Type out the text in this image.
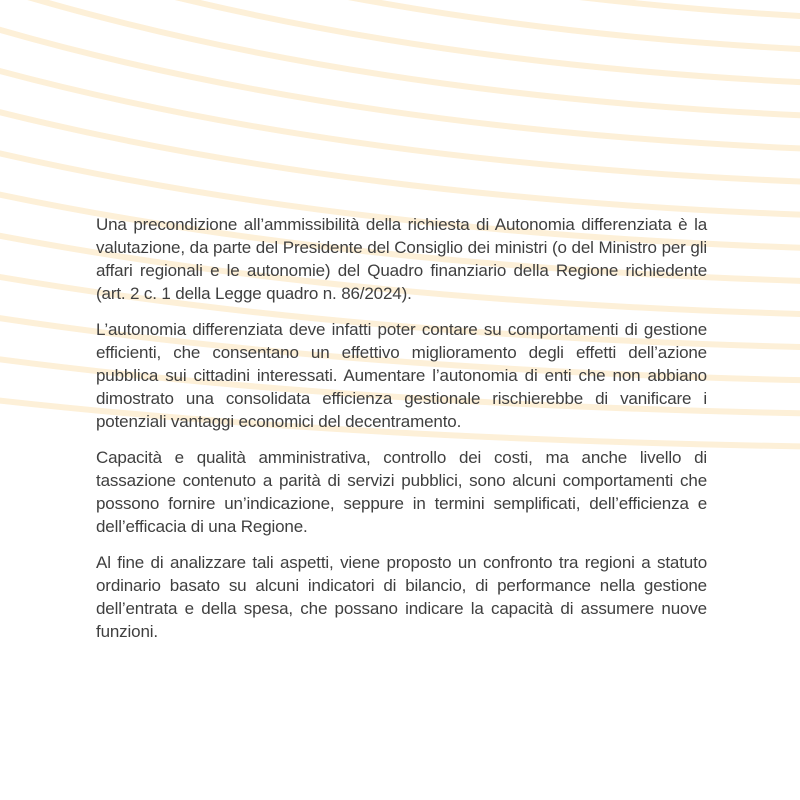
Una precondizione all’ammissibilità della richiesta di Autonomia differenziata è la valutazione, da parte del Presidente del Consiglio dei ministri (o del Ministro per gli affari regionali e le autonomie) del Quadro finanziario della Regione richiedente (art. 2 c. 1 della Legge quadro n. 86/2024).

L’autonomia differenziata deve infatti poter contare su comportamenti di gestione efficienti, che consentano un effettivo miglioramento degli effetti dell’azione pubblica sui cittadini interessati. Aumentare l’autonomia di enti che non abbiano dimostrato una consolidata efficienza gestionale rischierebbe di vanificare i potenziali vantaggi economici del decentramento.

Capacità e qualità amministrativa, controllo dei costi, ma anche livello di tassazione contenuto a parità di servizi pubblici, sono alcuni comportamenti che possono fornire un’indicazione, seppure in termini semplificati, dell’efficienza e dell’efficacia di una Regione.

Al fine di analizzare tali aspetti, viene proposto un confronto tra regioni a statuto ordinario basato su alcuni indicatori di bilancio, di performance nella gestione dell’entrata e della spesa, che possano indicare la capacità di assumere nuove funzioni.
